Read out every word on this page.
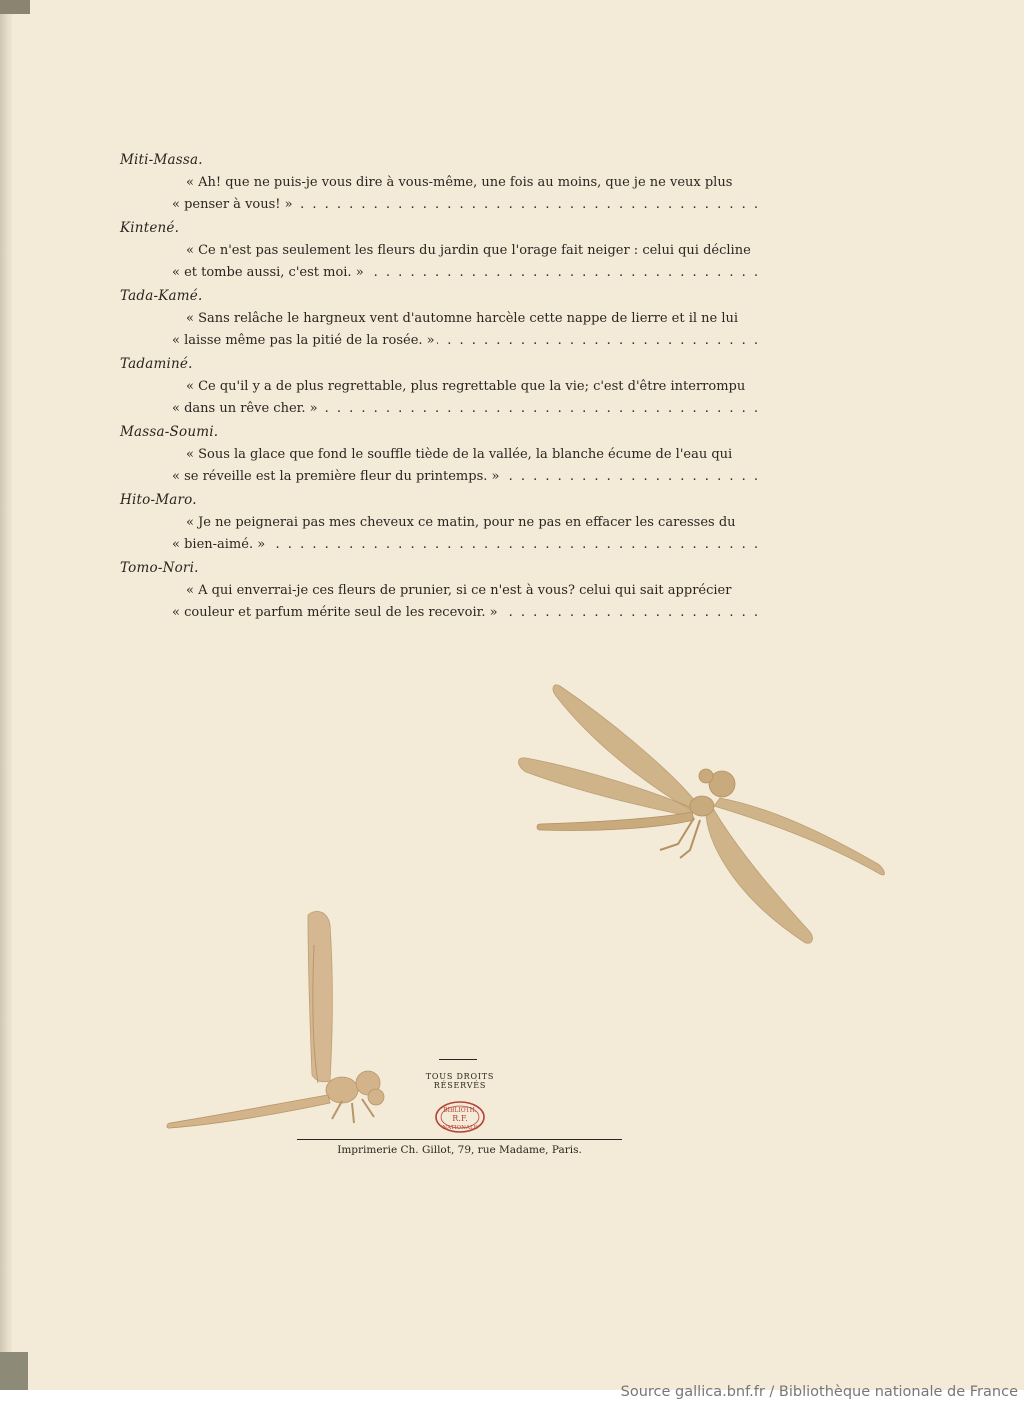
Miti-Massa.
« Ah! que ne puis-je vous dire à vous-même, une fois au moins, que je ne veux plus
« penser à vous! » . . .
Kintené.
« Ce n'est pas seulement les fleurs du jardin que l'orage fait neiger : celui qui décline
« et tombe aussi, c'est moi. » . . .
Tada-Kamé.
« Sans relâche le hargneux vent d'automne harcèle cette nappe de lierre et il ne lui
« laisse même pas la pitié de la rosée. » . . .
Tadaminé.
« Ce qu'il y a de plus regrettable, plus regrettable que la vie; c'est d'être interrompu
« dans un rêve cher. » . . .
Massa-Soumi.
« Sous la glace que fond le souffle tiède de la vallée, la blanche écume de l'eau qui
« se réveille est la première fleur du printemps. » . . .
Hito-Maro.
« Je ne peignerai pas mes cheveux ce matin, pour ne pas en effacer les caresses du
« bien-aimé. » . . .
Tomo-Nori.
« A qui enverrai-je ces fleurs de prunier, si ce n'est à vous? celui qui sait apprécier
« couleur et parfum mérite seul de les recevoir. » . . .
TOUS DROITS RÉSERVÉS
BIBLIOTH.
R.F.
NATIONALE
Imprimerie Ch. Gillot, 79, rue Madame, Paris.
Source gallica.bnf.fr / Bibliothèque nationale de France
